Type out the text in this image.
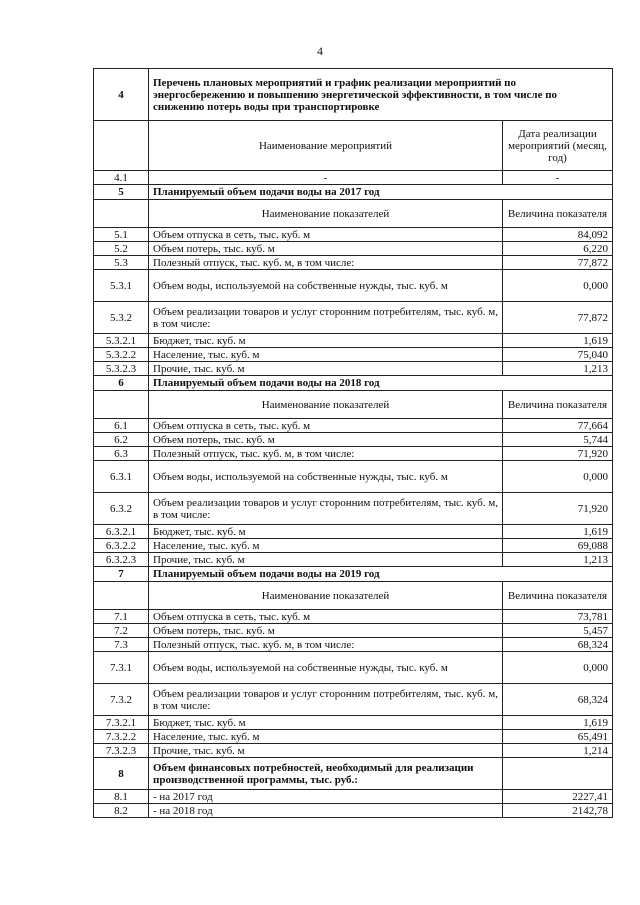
4
4	Перечень плановых мероприятий и график реализации мероприятий по энергосбережению и повышению энергетической эффективности, в том числе по снижению потерь воды при транспортировке	
	Наименование мероприятий	Дата реализации мероприятий (месяц, год)
4.1	-	-
5	Планируемый объем подачи воды на 2017 год	
	Наименование показателей	Величина показателя
5.1	Объем отпуска в сеть, тыс. куб. м	84,092
5.2	Объем потерь, тыс. куб. м	6,220
5.3	Полезный отпуск, тыс. куб. м, в том числе:	77,872
5.3.1	Объем воды, используемой на собственные нужды, тыс. куб. м	0,000
5.3.2	Объем реализации товаров и услуг сторонним потребителям, тыс. куб. м, в том числе:	77,872
5.3.2.1	Бюджет, тыс. куб. м	1,619
5.3.2.2	Население, тыс. куб. м	75,040
5.3.2.3	Прочие, тыс. куб. м	1,213
6	Планируемый объем подачи воды на 2018 год	
	Наименование показателей	Величина показателя
6.1	Объем отпуска в сеть, тыс. куб. м	77,664
6.2	Объем потерь, тыс. куб. м	5,744
6.3	Полезный отпуск, тыс. куб. м, в том числе:	71,920
6.3.1	Объем воды, используемой на собственные нужды, тыс. куб. м	0,000
6.3.2	Объем реализации товаров и услуг сторонним потребителям, тыс. куб. м, в том числе:	71,920
6.3.2.1	Бюджет, тыс. куб. м	1,619
6.3.2.2	Население, тыс. куб. м	69,088
6.3.2.3	Прочие, тыс. куб. м	1,213
7	Планируемый объем подачи воды на 2019 год	
	Наименование показателей	Величина показателя
7.1	Объем отпуска в сеть, тыс. куб. м	73,781
7.2	Объем потерь, тыс. куб. м	5,457
7.3	Полезный отпуск, тыс. куб. м, в том числе:	68,324
7.3.1	Объем воды, используемой на собственные нужды, тыс. куб. м	0,000
7.3.2	Объем реализации товаров и услуг сторонним потребителям, тыс. куб. м, в том числе:	68,324
7.3.2.1	Бюджет, тыс. куб. м	1,619
7.3.2.2	Население, тыс. куб. м	65,491
7.3.2.3	Прочие, тыс. куб. м	1,214
8	Объем финансовых потребностей, необходимый для реализации производственной программы, тыс. руб.:	
8.1	- на 2017 год	2227,41
8.2	- на 2018 год	2142,78
